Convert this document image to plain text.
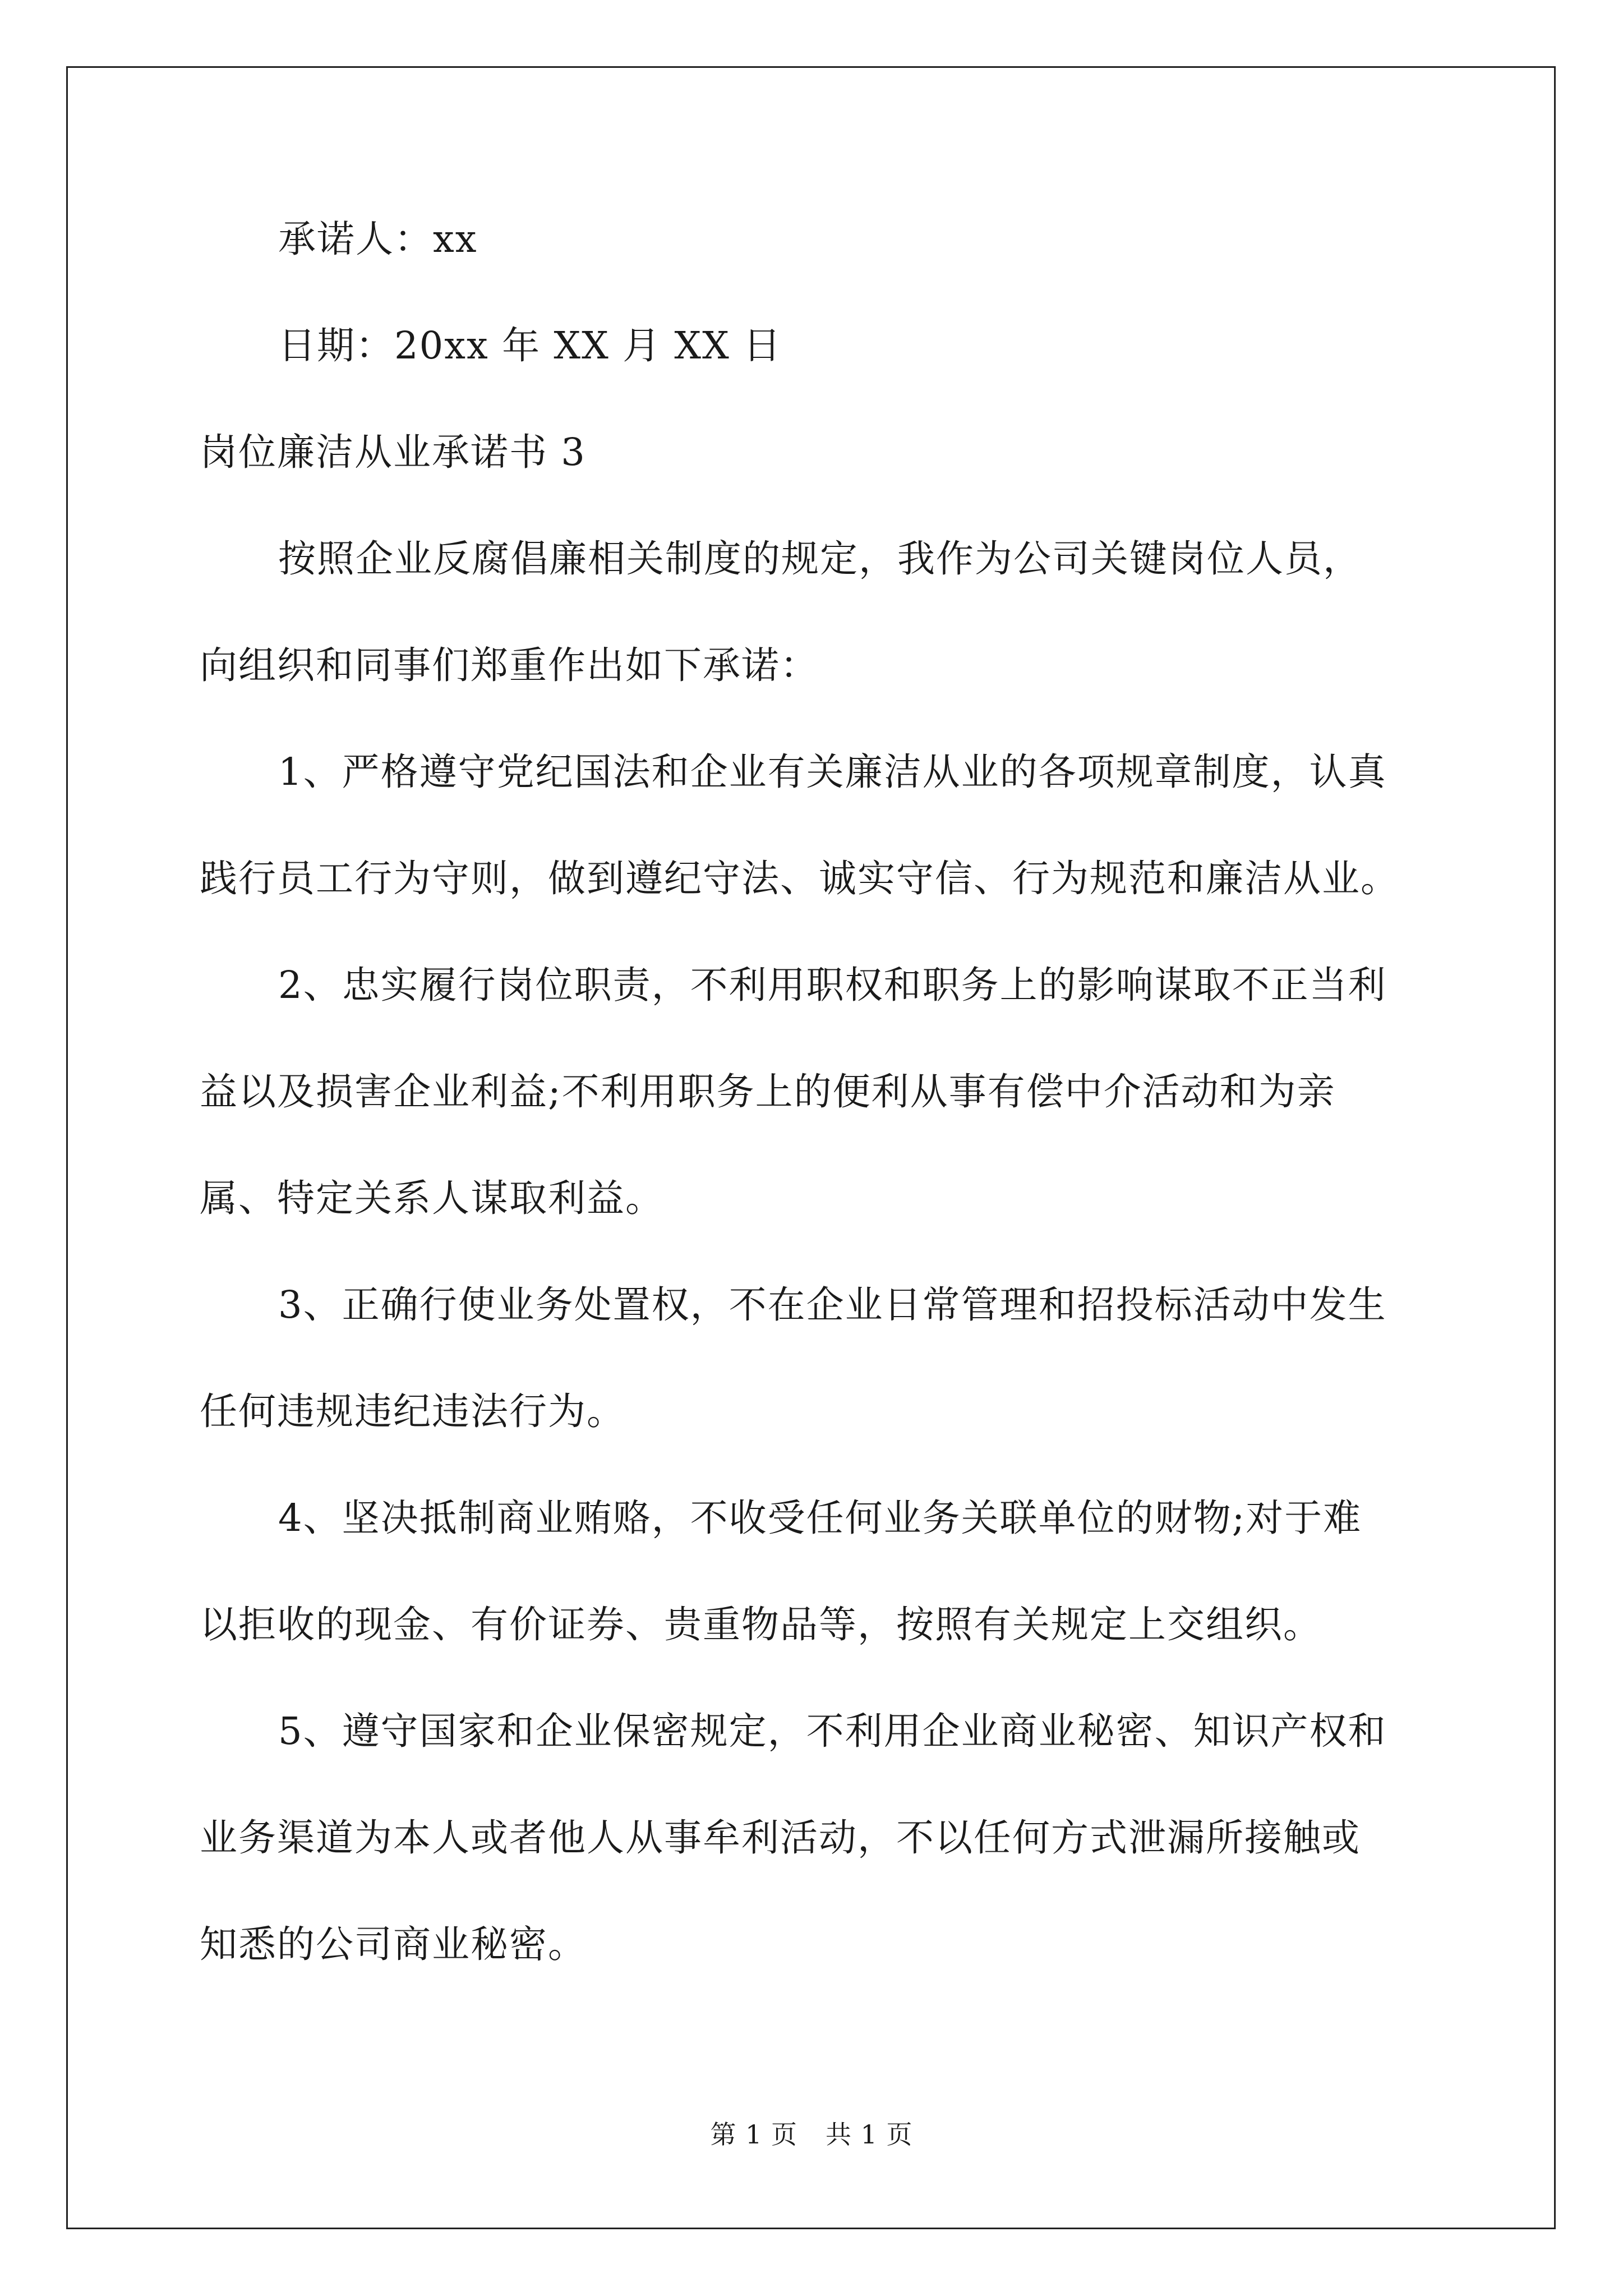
承诺人：xx
日期：20xx 年 XX 月 XX 日
岗位廉洁从业承诺书 3
按照企业反腐倡廉相关制度的规定，我作为公司关键岗位人员，
向组织和同事们郑重作出如下承诺：
1、严格遵守党纪国法和企业有关廉洁从业的各项规章制度，认真
践行员工行为守则，做到遵纪守法、诚实守信、行为规范和廉洁从业。
2、忠实履行岗位职责，不利用职权和职务上的影响谋取不正当利
益以及损害企业利益;不利用职务上的便利从事有偿中介活动和为亲
属、特定关系人谋取利益。
3、正确行使业务处置权，不在企业日常管理和招投标活动中发生
任何违规违纪违法行为。
4、坚决抵制商业贿赂，不收受任何业务关联单位的财物;对于难
以拒收的现金、有价证券、贵重物品等，按照有关规定上交组织。
5、遵守国家和企业保密规定，不利用企业商业秘密、知识产权和
业务渠道为本人或者他人从事牟利活动，不以任何方式泄漏所接触或
知悉的公司商业秘密。
第 1 页 共 1 页
